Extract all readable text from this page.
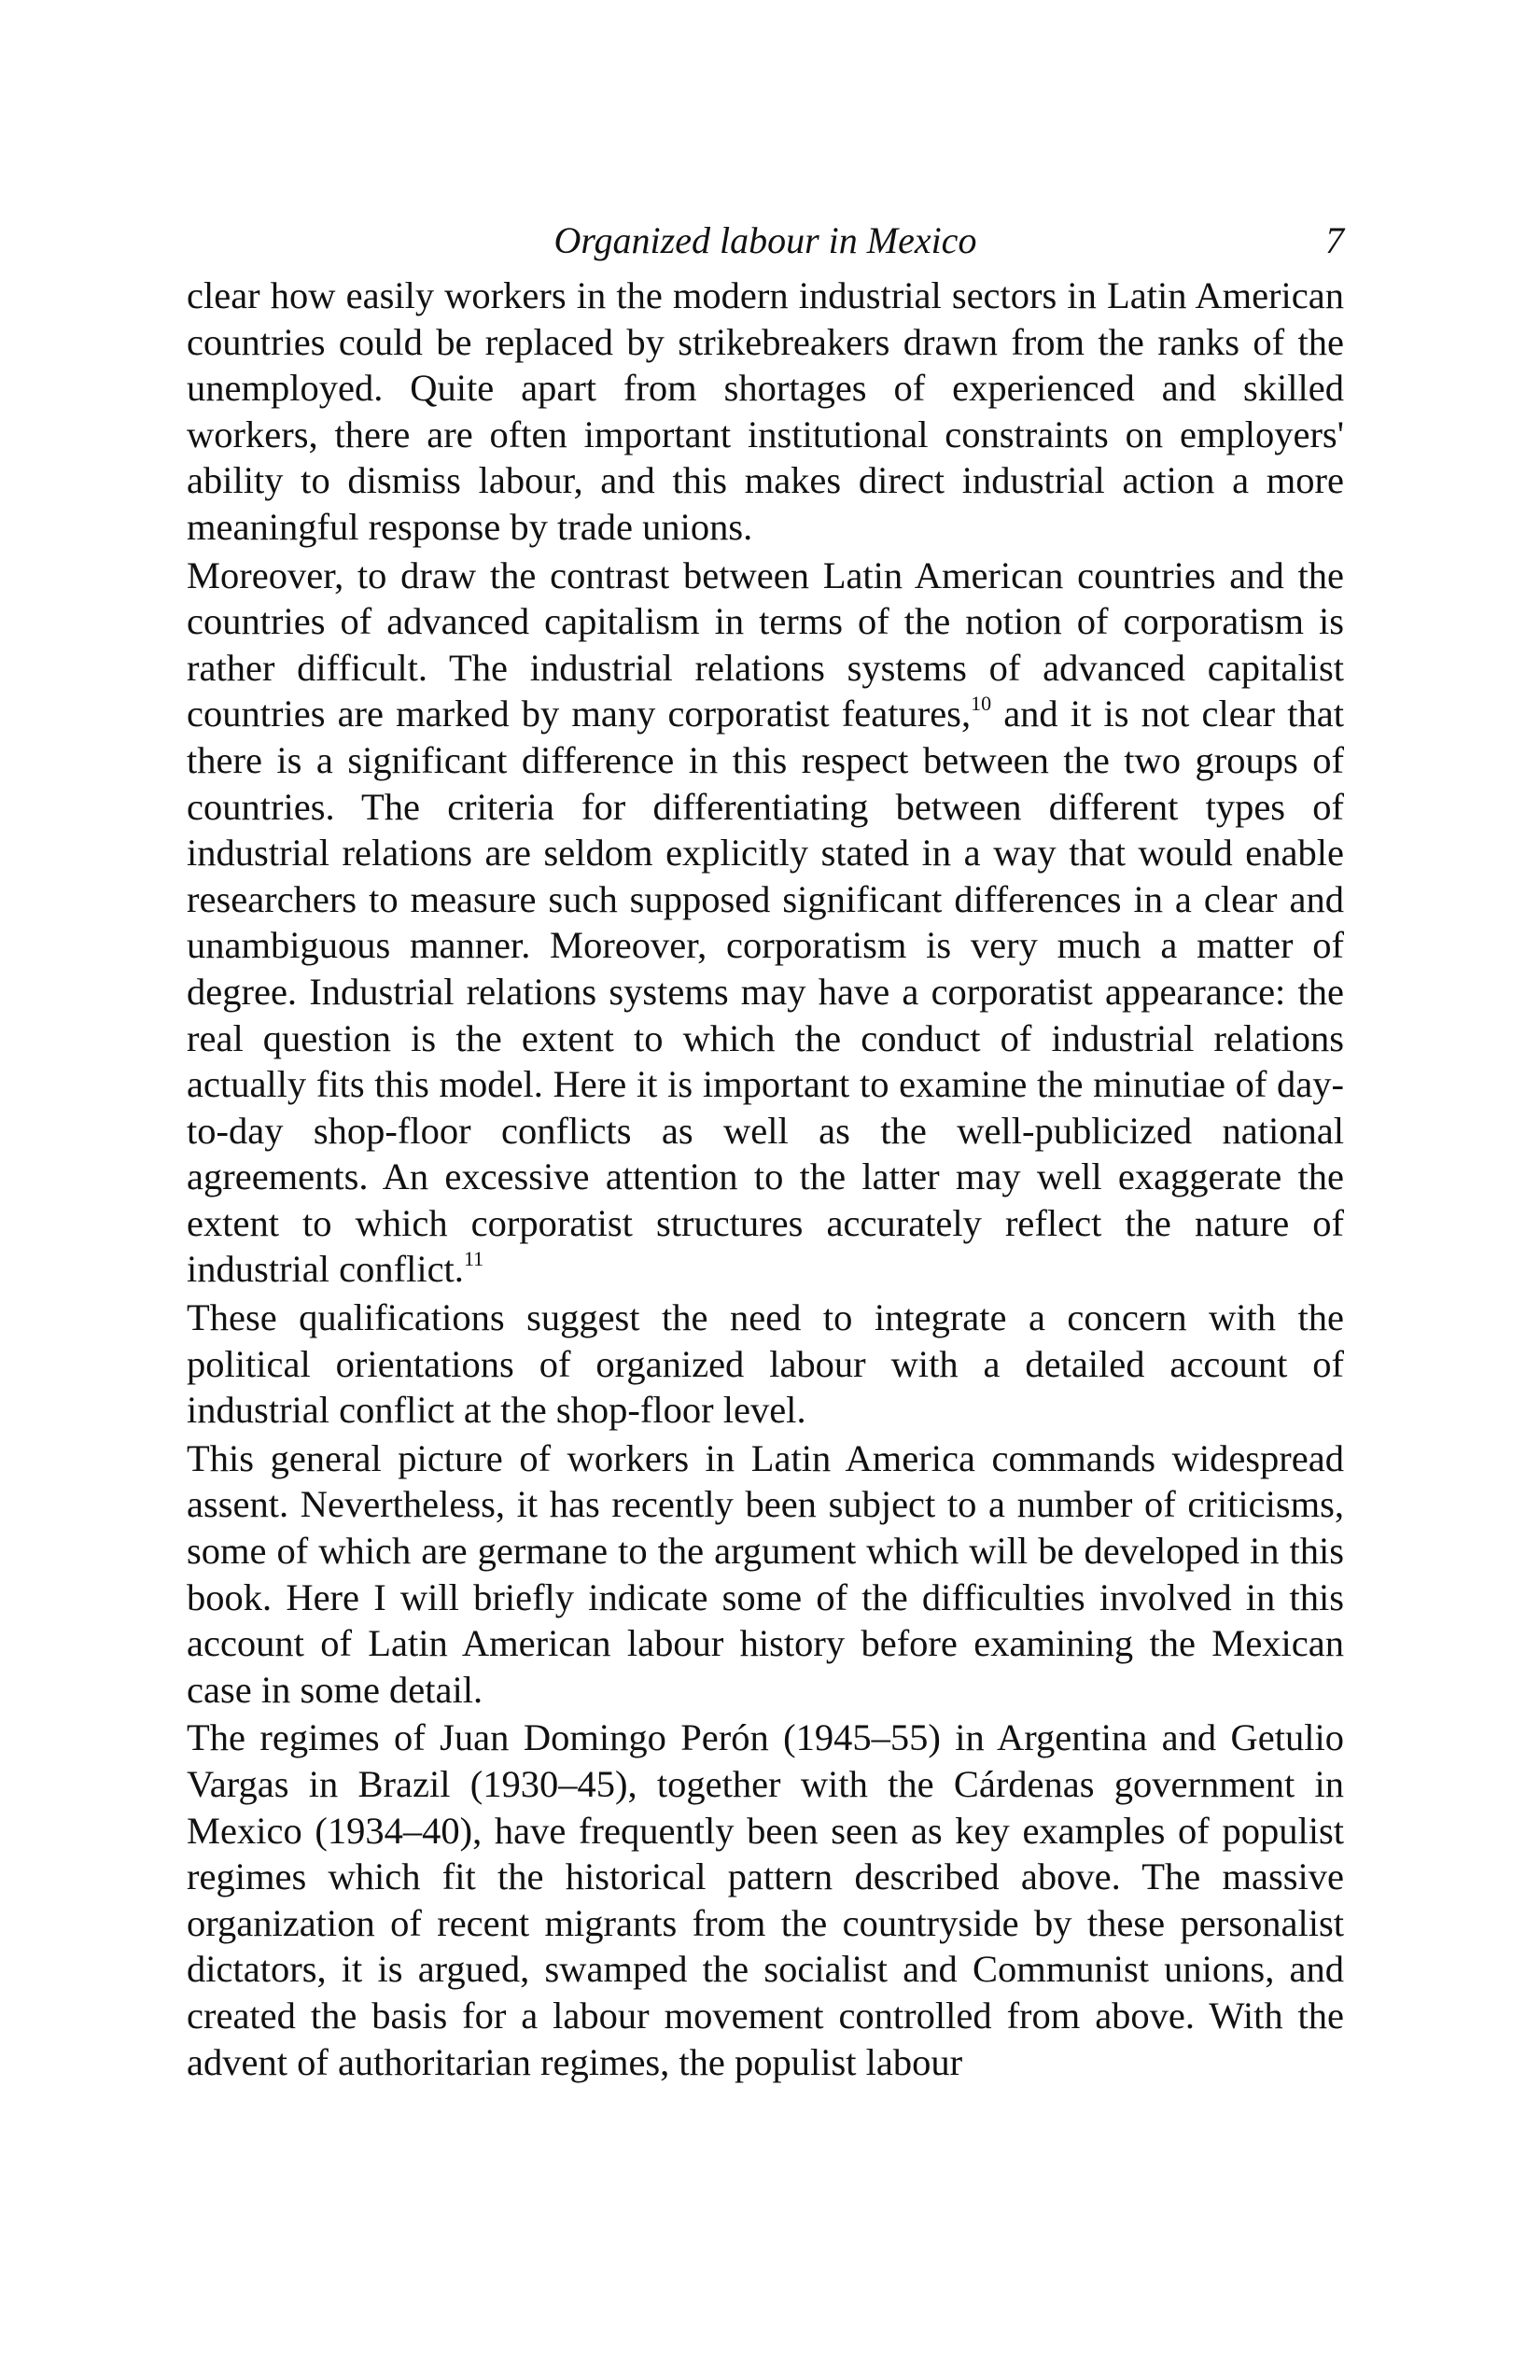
Organized labour in Mexico	7

clear how easily workers in the modern industrial sectors in Latin American countries could be replaced by strikebreakers drawn from the ranks of the unemployed. Quite apart from shortages of experienced and skilled workers, there are often important institutional constraints on employers' ability to dismiss labour, and this makes direct industrial action a more meaningful response by trade unions.

Moreover, to draw the contrast between Latin American countries and the countries of advanced capitalism in terms of the notion of corporatism is rather difficult. The industrial relations systems of advanced capitalist countries are marked by many corporatist features,$^{10}$ and it is not clear that there is a significant difference in this respect between the two groups of countries. The criteria for differentiating between different types of industrial relations are seldom explicitly stated in a way that would enable researchers to measure such supposed significant differences in a clear and unambiguous manner. Moreover, corporatism is very much a matter of degree. Industrial relations systems may have a corporatist appearance: the real question is the extent to which the conduct of industrial relations actually fits this model. Here it is important to examine the minutiae of day-to-day shop-floor conflicts as well as the well-publicized national agreements. An excessive attention to the latter may well exaggerate the extent to which corporatist structures accurately reflect the nature of industrial conflict.$^{11}$

These qualifications suggest the need to integrate a concern with the political orientations of organized labour with a detailed account of industrial conflict at the shop-floor level.

This general picture of workers in Latin America commands widespread assent. Nevertheless, it has recently been subject to a number of criticisms, some of which are germane to the argument which will be developed in this book. Here I will briefly indicate some of the difficulties involved in this account of Latin American labour history before examining the Mexican case in some detail.

The regimes of Juan Domingo Perón (1945–55) in Argentina and Getulio Vargas in Brazil (1930–45), together with the Cárdenas government in Mexico (1934–40), have frequently been seen as key examples of populist regimes which fit the historical pattern described above. The massive organization of recent migrants from the countryside by these personalist dictators, it is argued, swamped the socialist and Communist unions, and created the basis for a labour movement controlled from above. With the advent of authoritarian regimes, the populist labour
